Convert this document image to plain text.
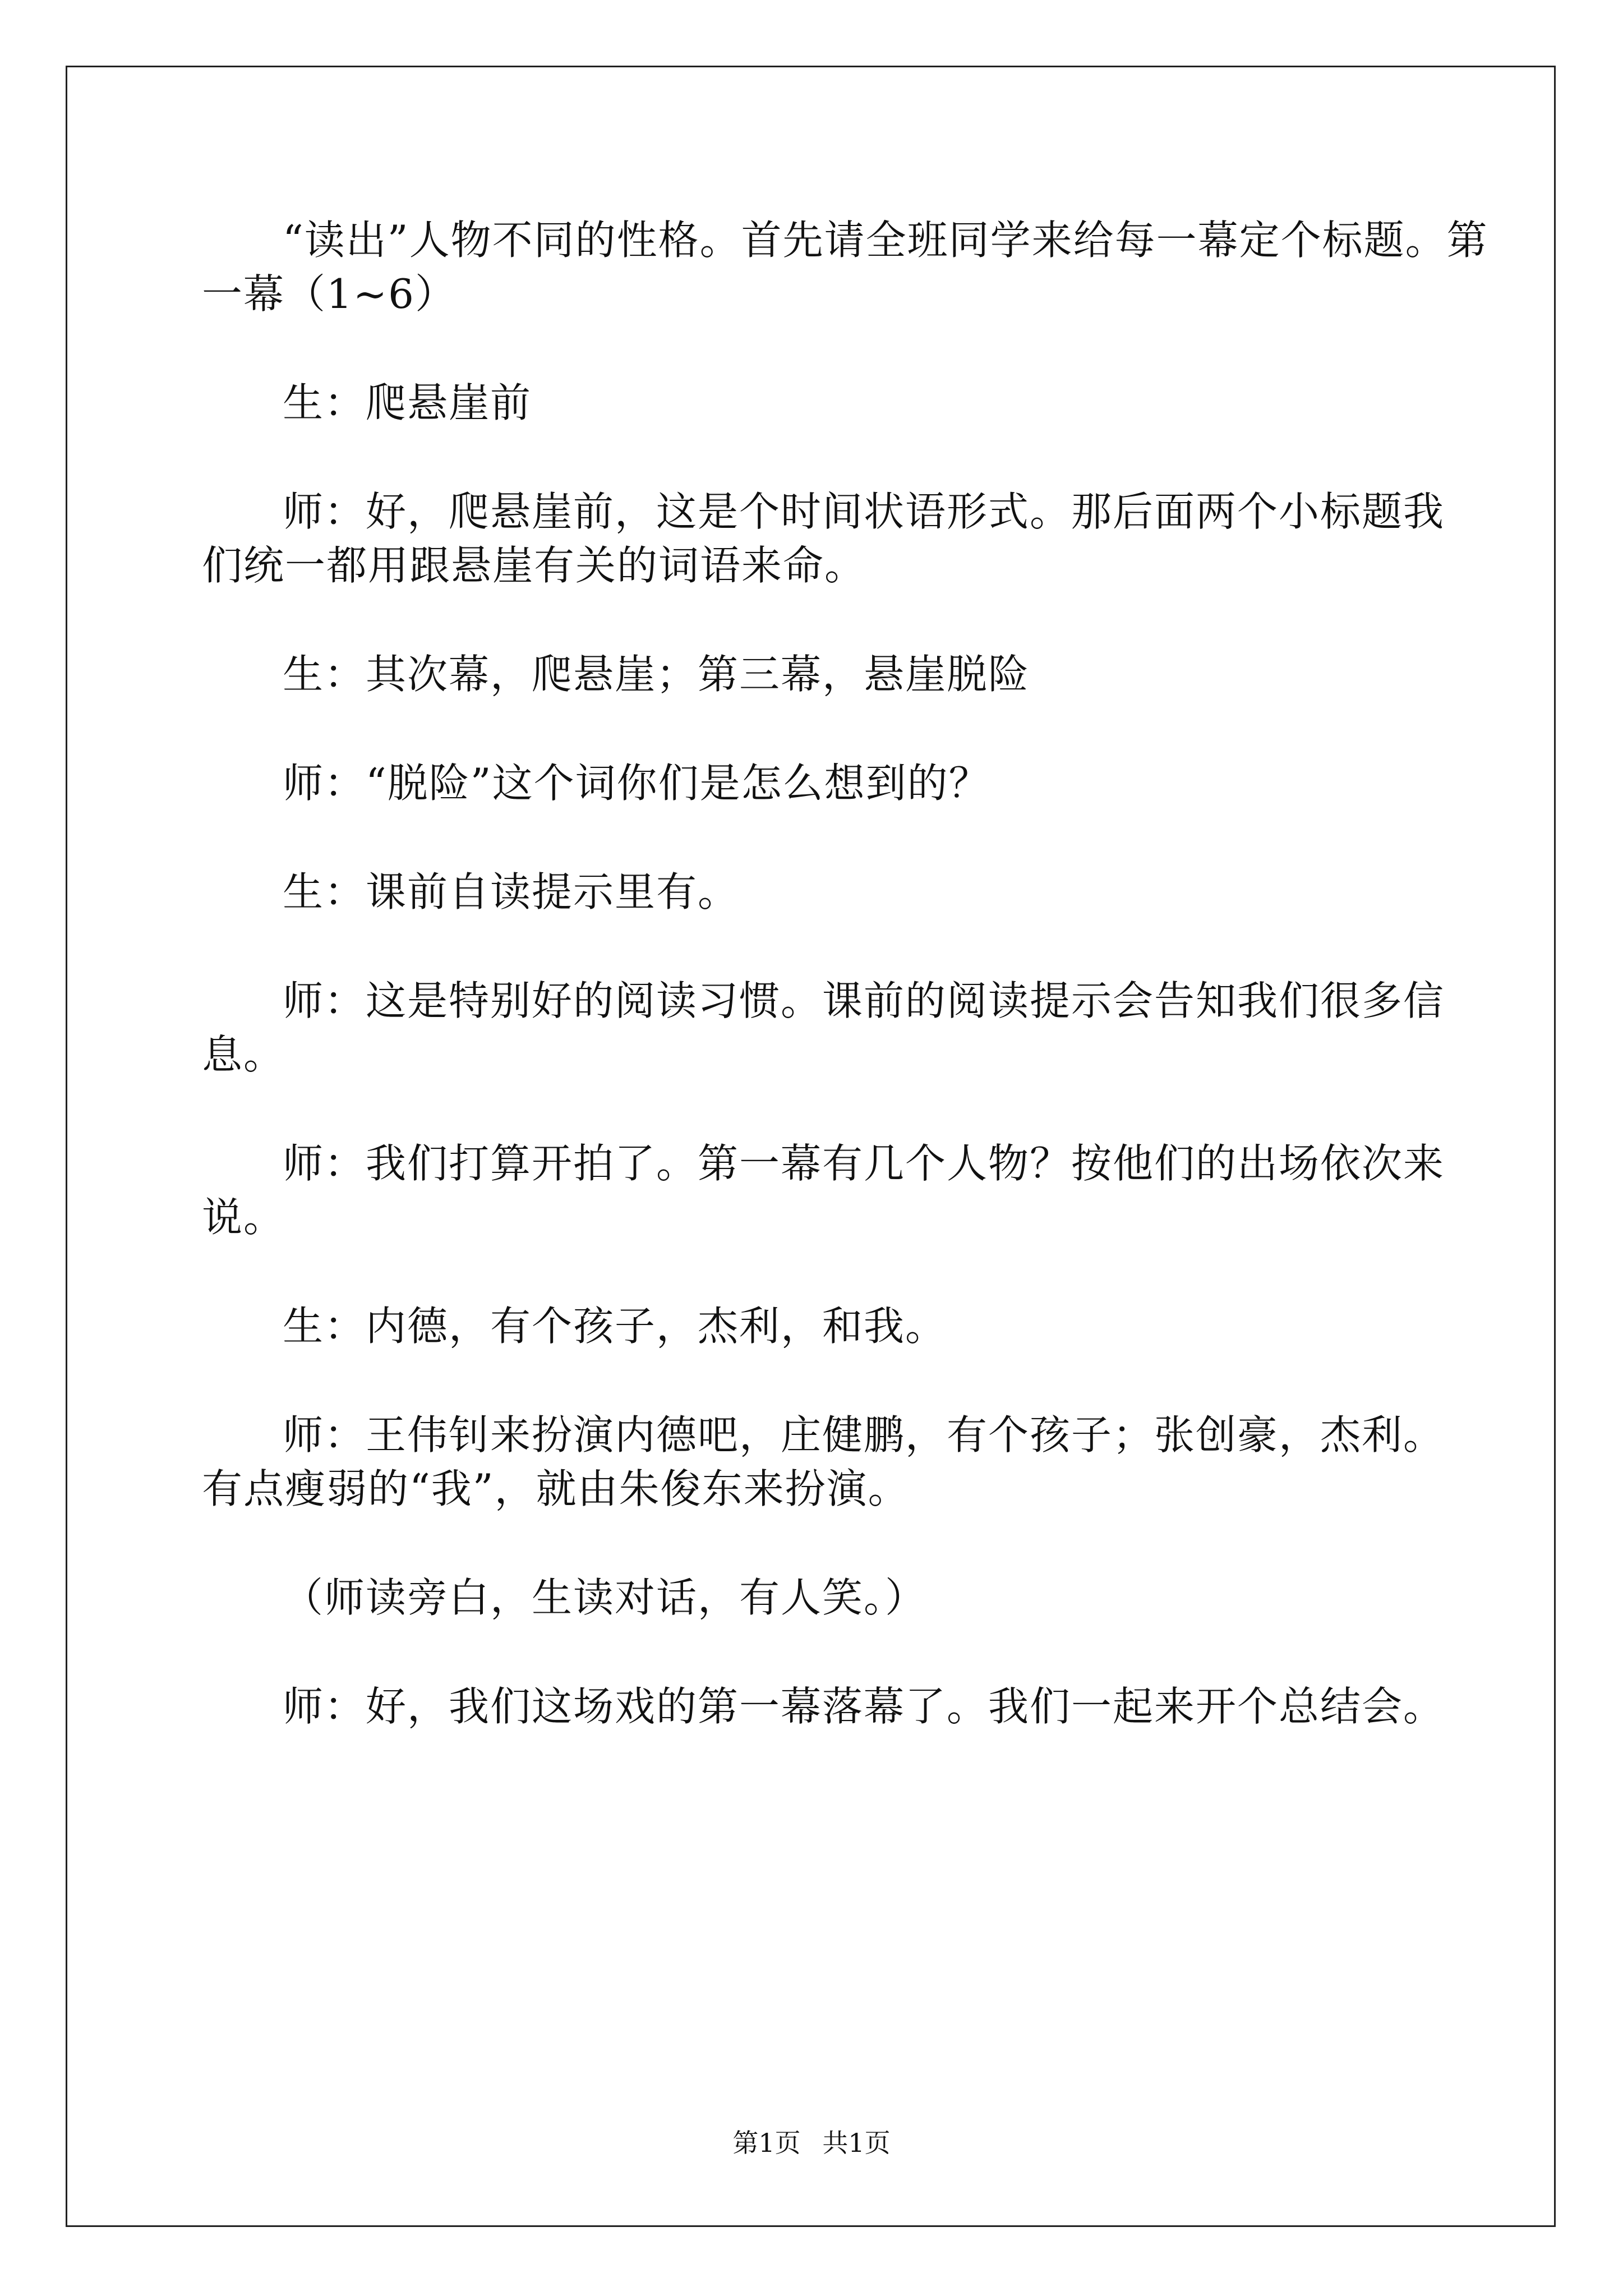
“读出”人物不同的性格。首先请全班同学来给每一幕定个标题。第

一幕（1~6）

生：爬悬崖前

师：好，爬悬崖前，这是个时间状语形式。那后面两个小标题我

们统一都用跟悬崖有关的词语来命。

生：其次幕，爬悬崖；第三幕，悬崖脱险

师：“脱险”这个词你们是怎么想到的？

生：课前自读提示里有。

师：这是特别好的阅读习惯。课前的阅读提示会告知我们很多信

息。

师：我们打算开拍了。第一幕有几个人物？按他们的出场依次来

说。

生：内德，有个孩子，杰利，和我。

师：王伟钊来扮演内德吧，庄健鹏，有个孩子；张创豪，杰利。

有点瘦弱的“我”，就由朱俊东来扮演。

（师读旁白，生读对话，有人笑。）

师：好，我们这场戏的第一幕落幕了。我们一起来开个总结会。

第1页 共1页
